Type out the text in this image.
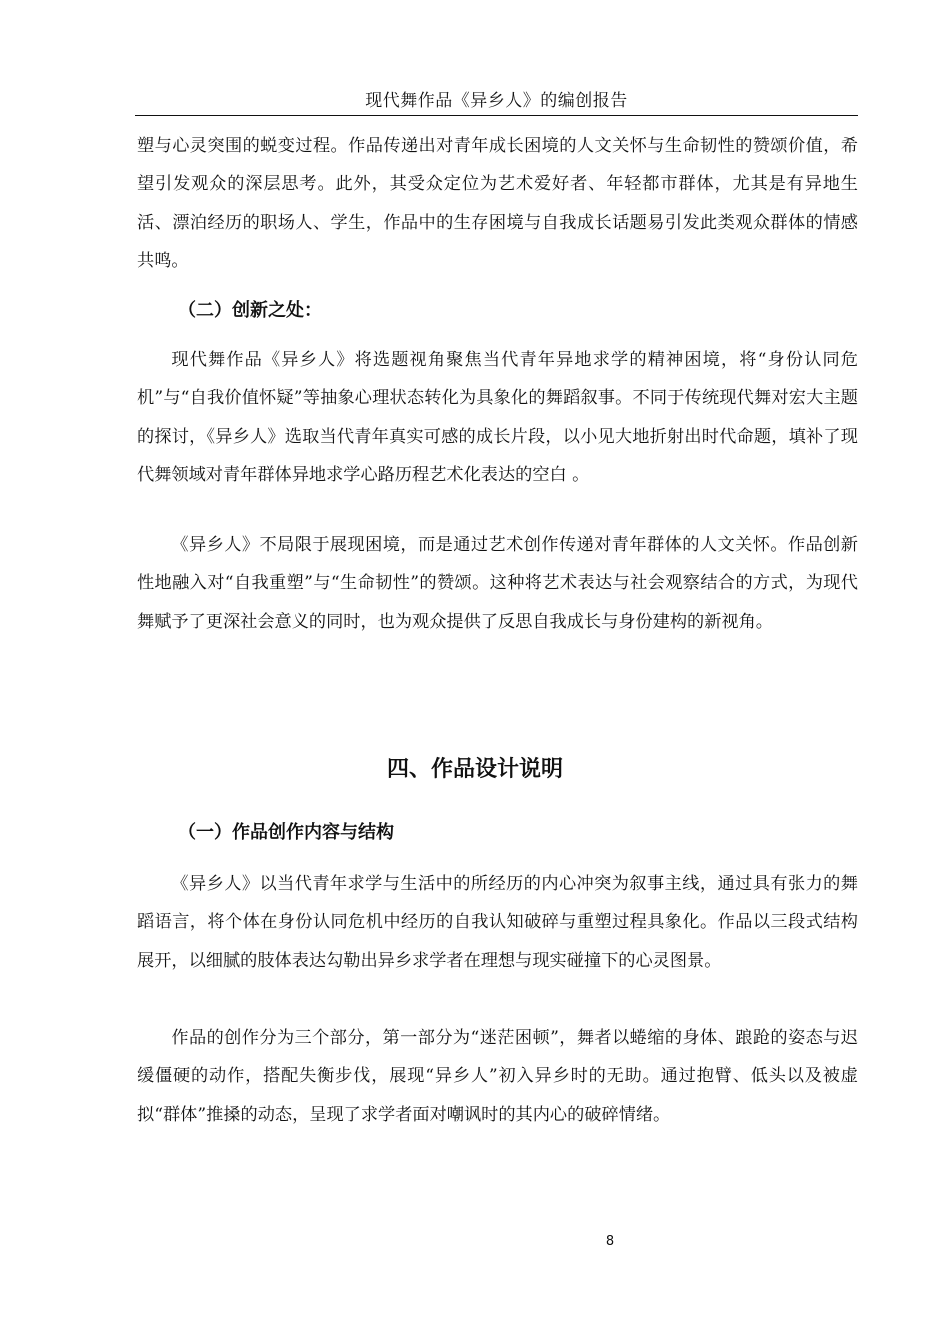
现代舞作品《异乡人》的编创报告

塑与心灵突围的蜕变过程。作品传递出对青年成长困境的人文关怀与生命韧性的赞颂价值，希望引发观众的深层思考。此外，其受众定位为艺术爱好者、年轻都市群体，尤其是有异地生活、漂泊经历的职场人、学生，作品中的生存困境与自我成长话题易引发此类观众群体的情感共鸣。

（二）创新之处：

现代舞作品《异乡人》将选题视角聚焦当代青年异地求学的精神困境，将“身份认同危机”与“自我价值怀疑”等抽象心理状态转化为具象化的舞蹈叙事。不同于传统现代舞对宏大主题的探讨，《异乡人》选取当代青年真实可感的成长片段，以小见大地折射出时代命题，填补了现代舞领域对青年群体异地求学心路历程艺术化表达的空白 。

《异乡人》不局限于展现困境，而是通过艺术创作传递对青年群体的人文关怀。作品创新性地融入对“自我重塑”与“生命韧性”的赞颂。这种将艺术表达与社会观察结合的方式，为现代舞赋予了更深社会意义的同时，也为观众提供了反思自我成长与身份建构的新视角。

四、作品设计说明
（一）作品创作内容与结构

《异乡人》以当代青年求学与生活中的所经历的内心冲突为叙事主线，通过具有张力的舞蹈语言，将个体在身份认同危机中经历的自我认知破碎与重塑过程具象化。作品以三段式结构展开，以细腻的肢体表达勾勒出异乡求学者在理想与现实碰撞下的心灵图景。

作品的创作分为三个部分，第一部分为“迷茫困顿”，舞者以蜷缩的身体、踉跄的姿态与迟缓僵硬的动作，搭配失衡步伐，展现“异乡人”初入异乡时的无助。通过抱臂、低头以及被虚拟“群体”推搡的动态，呈现了求学者面对嘲讽时的其内心的破碎情绪。

8
